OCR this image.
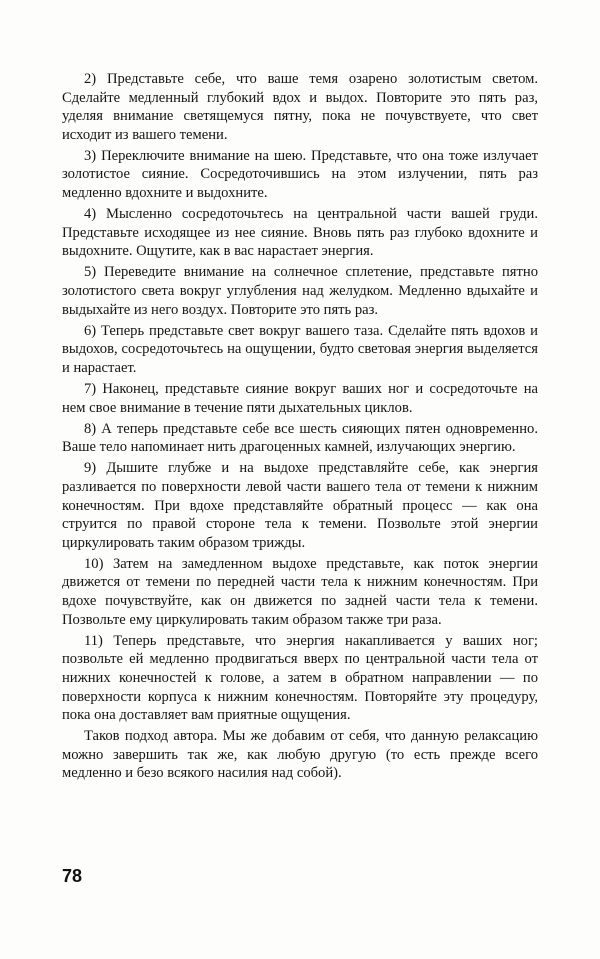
2) Представьте себе, что ваше темя озарено золотистым светом. Сделайте медленный глубокий вдох и выдох. Повторите это пять раз, уделяя внимание светящемуся пятну, пока не почувствуете, что свет исходит из вашего темени.

3) Переключите внимание на шею. Представьте, что она тоже излучает золотистое сияние. Сосредоточившись на этом излучении, пять раз медленно вдохните и выдохните.

4) Мысленно сосредоточьтесь на центральной части вашей груди. Представьте исходящее из нее сияние. Вновь пять раз глубоко вдохните и выдохните. Ощутите, как в вас нарастает энергия.

5) Переведите внимание на солнечное сплетение, представьте пятно золотистого света вокруг углубления над желудком. Медленно вдыхайте и выдыхайте из него воздух. Повторите это пять раз.

6) Теперь представьте свет вокруг вашего таза. Сделайте пять вдохов и выдохов, сосредоточьтесь на ощущении, будто световая энергия выделяется и нарастает.

7) Наконец, представьте сияние вокруг ваших ног и сосредоточьте на нем свое внимание в течение пяти дыхательных циклов.

8) А теперь представьте себе все шесть сияющих пятен одновременно. Ваше тело напоминает нить драгоценных камней, излучающих энергию.

9) Дышите глубже и на выдохе представляйте себе, как энергия разливается по поверхности левой части вашего тела от темени к нижним конечностям. При вдохе представляйте обратный процесс — как она струится по правой стороне тела к темени. Позвольте этой энергии циркулировать таким образом трижды.

10) Затем на замедленном выдохе представьте, как поток энергии движется от темени по передней части тела к нижним конечностям. При вдохе почувствуйте, как он движется по задней части тела к темени. Позвольте ему циркулировать таким образом также три раза.

11) Теперь представьте, что энергия накапливается у ваших ног; позвольте ей медленно продвигаться вверх по центральной части тела от нижних конечностей к голове, а затем в обратном направлении — по поверхности корпуса к нижним конечностям. Повторяйте эту процедуру, пока она доставляет вам приятные ощущения.

Таков подход автора. Мы же добавим от себя, что данную релаксацию можно завершить так же, как любую другую (то есть прежде всего медленно и безо всякого насилия над собой).

78
